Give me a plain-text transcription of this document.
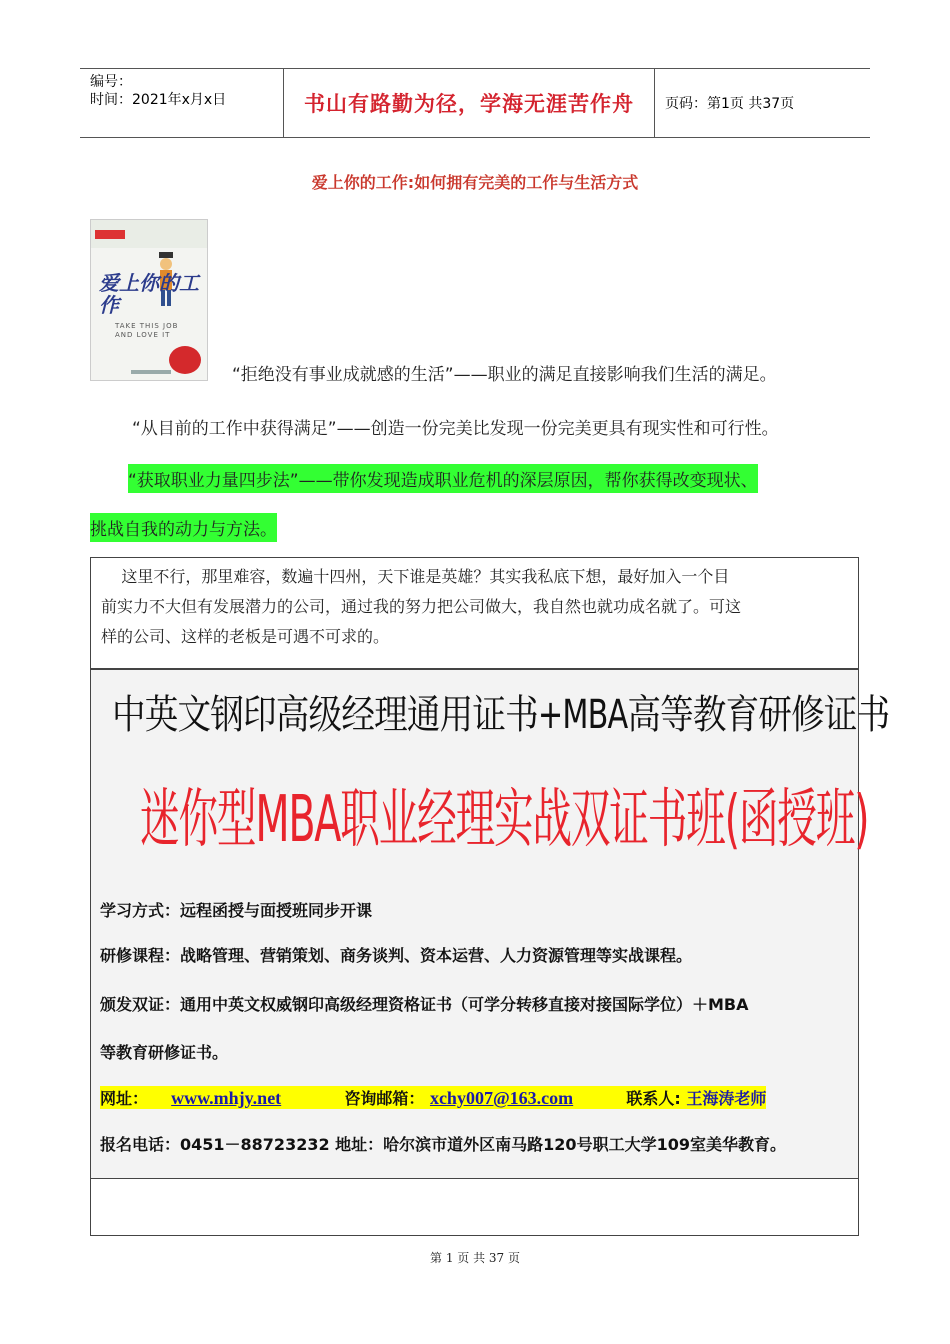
编号：
时间：2021年x月x日	书山有路勤为径，学海无涯苦作舟	页码：第1页 共37页
爱上你的工作:如何拥有完美的工作与生活方式
爱上你的工作
TAKE THIS JOB AND LOVE IT
“拒绝没有事业成就感的生活”——职业的满足直接影响我们生活的满足。
“从目前的工作中获得满足”——创造一份完美比发现一份完美更具有现实性和可行性。
“获取职业力量四步法”——带你发现造成职业危机的深层原因，帮你获得改变现状、
挑战自我的动力与方法。
这里不行，那里难容，数遍十四州，天下谁是英雄？其实我私底下想，最好加入一个目
前实力不大但有发展潜力的公司，通过我的努力把公司做大，我自然也就功成名就了。可这
样的公司、这样的老板是可遇不可求的。
中英文钢印高级经理通用证书+MBA高等教育研修证书
迷你型MBA职业经理实战双证书班(函授班)
学习方式：远程函授与面授班同步开课
研修课程：战略管理、营销策划、商务谈判、资本运营、人力资源管理等实战课程。
颁发双证：通用中英文权威钢印高级经理资格证书（可学分转移直接对接国际学位）＋MBA
等教育研修证书。
网址： www.mhjy.net	咨询邮箱： xchy007@163.com	联系人: 王海涛老师
报名电话：0451－88723232 地址：哈尔滨市道外区南马路120号职工大学109室美华教育。
第 1 页 共 37 页
